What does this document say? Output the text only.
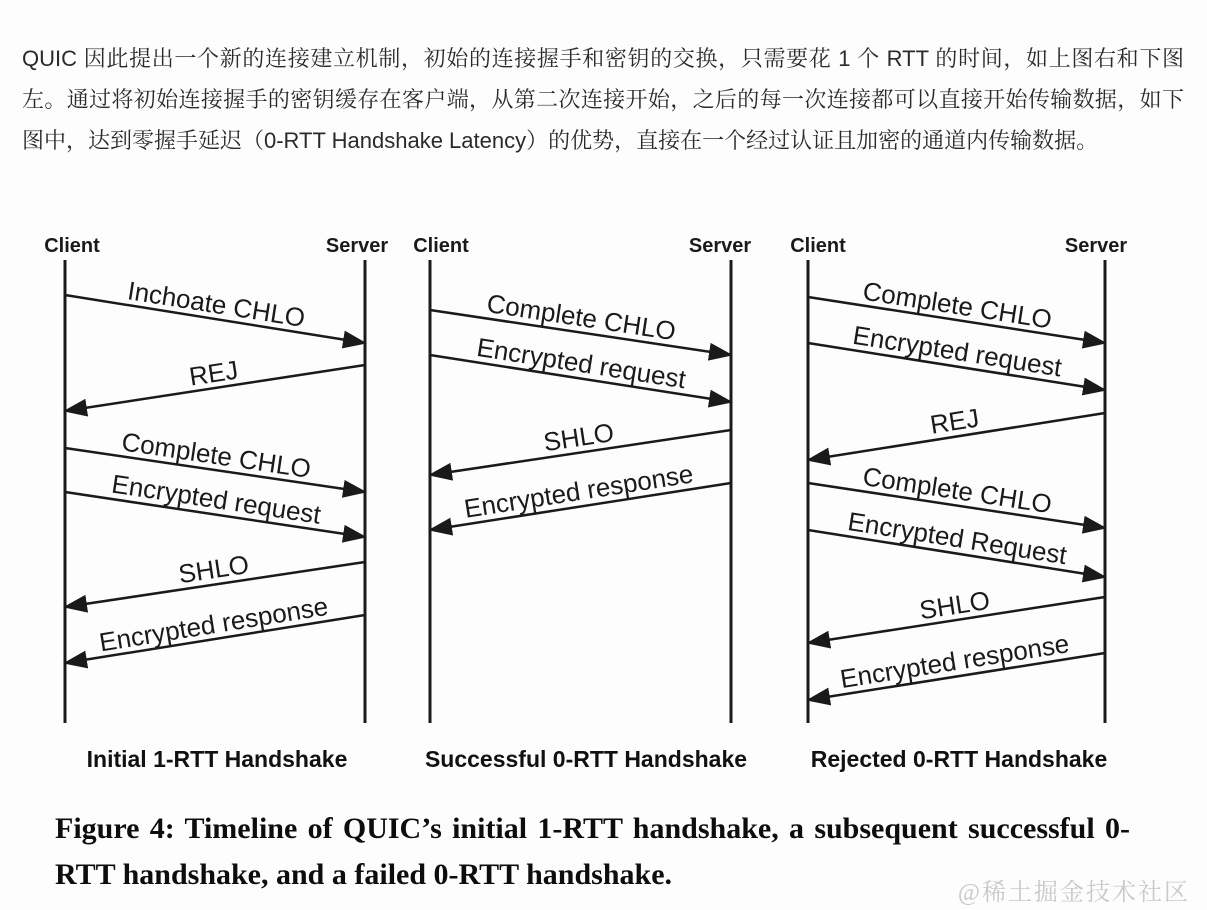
QUIC 因此提出一个新的连接建立机制，初始的连接握手和密钥的交换，只需要花 1 个 RTT 的时间，如上图右和下图左。通过将初始连接握手的密钥缓存在客户端，从第二次连接开始，之后的每一次连接都可以直接开始传输数据，如下图中，达到零握手延迟（0-RTT Handshake Latency）的优势，直接在一个经过认证且加密的通道内传输数据。

Client	Server
Inchoate CHLO
REJ
Complete CHLO
Encrypted request
SHLO
Encrypted response
Initial 1-RTT Handshake
Client	Server
Complete CHLO
Encrypted request
SHLO
Encrypted response
Successful 0-RTT Handshake
Client	Server
Complete CHLO
Encrypted request
REJ
Complete CHLO
Encrypted Request
SHLO
Encrypted response
Rejected 0-RTT Handshake
Figure 4: Timeline of QUIC’s initial 1-RTT handshake, a subsequent successful 0-RTT handshake, and a failed 0-RTT handshake.
@稀土掘金技术社区
